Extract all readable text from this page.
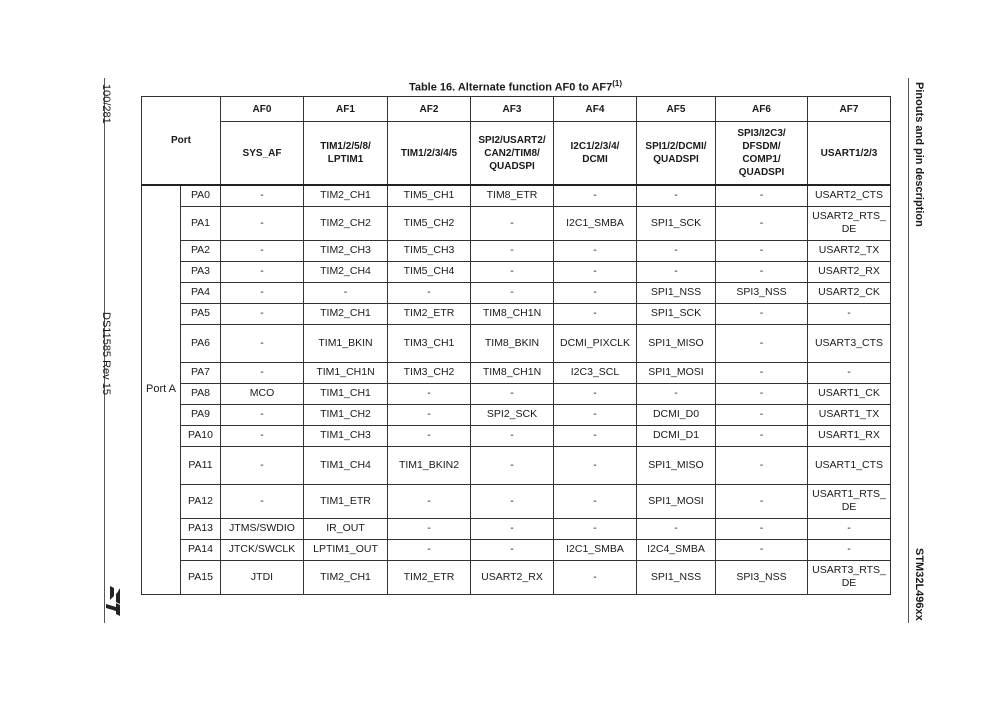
100/281
DS11585 Rev 15
Pinouts and pin description
STM32L496xx
Table 16. Alternate function AF0 to AF7$^{(1)}$
Port		AF0	AF1	AF2	AF3	AF4	AF5	AF6	AF7
		SYS_AF	TIM1/2/5/8/
LPTIM1	TIM1/2/3/4/5	SPI2/USART2/
CAN2/TIM8/
QUADSPI	I2C1/2/3/4/
DCMI	SPI1/2/DCMI/
QUADSPI	SPI3/I2C3/
DFSDM/
COMP1/
QUADSPI	USART1/2/3
Port A	PA0	-	TIM2_CH1	TIM5_CH1	TIM8_ETR	-	-	-	USART2_CTS
	PA1	-	TIM2_CH2	TIM5_CH2	-	I2C1_SMBA	SPI1_SCK	-	USART2_RTS_
DE
	PA2	-	TIM2_CH3	TIM5_CH3	-	-	-	-	USART2_TX
	PA3	-	TIM2_CH4	TIM5_CH4	-	-	-	-	USART2_RX
	PA4	-	-	-	-	-	SPI1_NSS	SPI3_NSS	USART2_CK
	PA5	-	TIM2_CH1	TIM2_ETR	TIM8_CH1N	-	SPI1_SCK	-	-
	PA6	-	TIM1_BKIN	TIM3_CH1	TIM8_BKIN	DCMI_PIXCLK	SPI1_MISO	-	USART3_CTS
	PA7	-	TIM1_CH1N	TIM3_CH2	TIM8_CH1N	I2C3_SCL	SPI1_MOSI	-	-
	PA8	MCO	TIM1_CH1	-	-	-	-	-	USART1_CK
	PA9	-	TIM1_CH2	-	SPI2_SCK	-	DCMI_D0	-	USART1_TX
	PA10	-	TIM1_CH3	-	-	-	DCMI_D1	-	USART1_RX
	PA11	-	TIM1_CH4	TIM1_BKIN2	-	-	SPI1_MISO	-	USART1_CTS
	PA12	-	TIM1_ETR	-	-	-	SPI1_MOSI	-	USART1_RTS_
DE
	PA13	JTMS/SWDIO	IR_OUT	-	-	-	-	-	-
	PA14	JTCK/SWCLK	LPTIM1_OUT	-	-	I2C1_SMBA	I2C4_SMBA	-	-
	PA15	JTDI	TIM2_CH1	TIM2_ETR	USART2_RX	-	SPI1_NSS	SPI3_NSS	USART3_RTS_
DE
